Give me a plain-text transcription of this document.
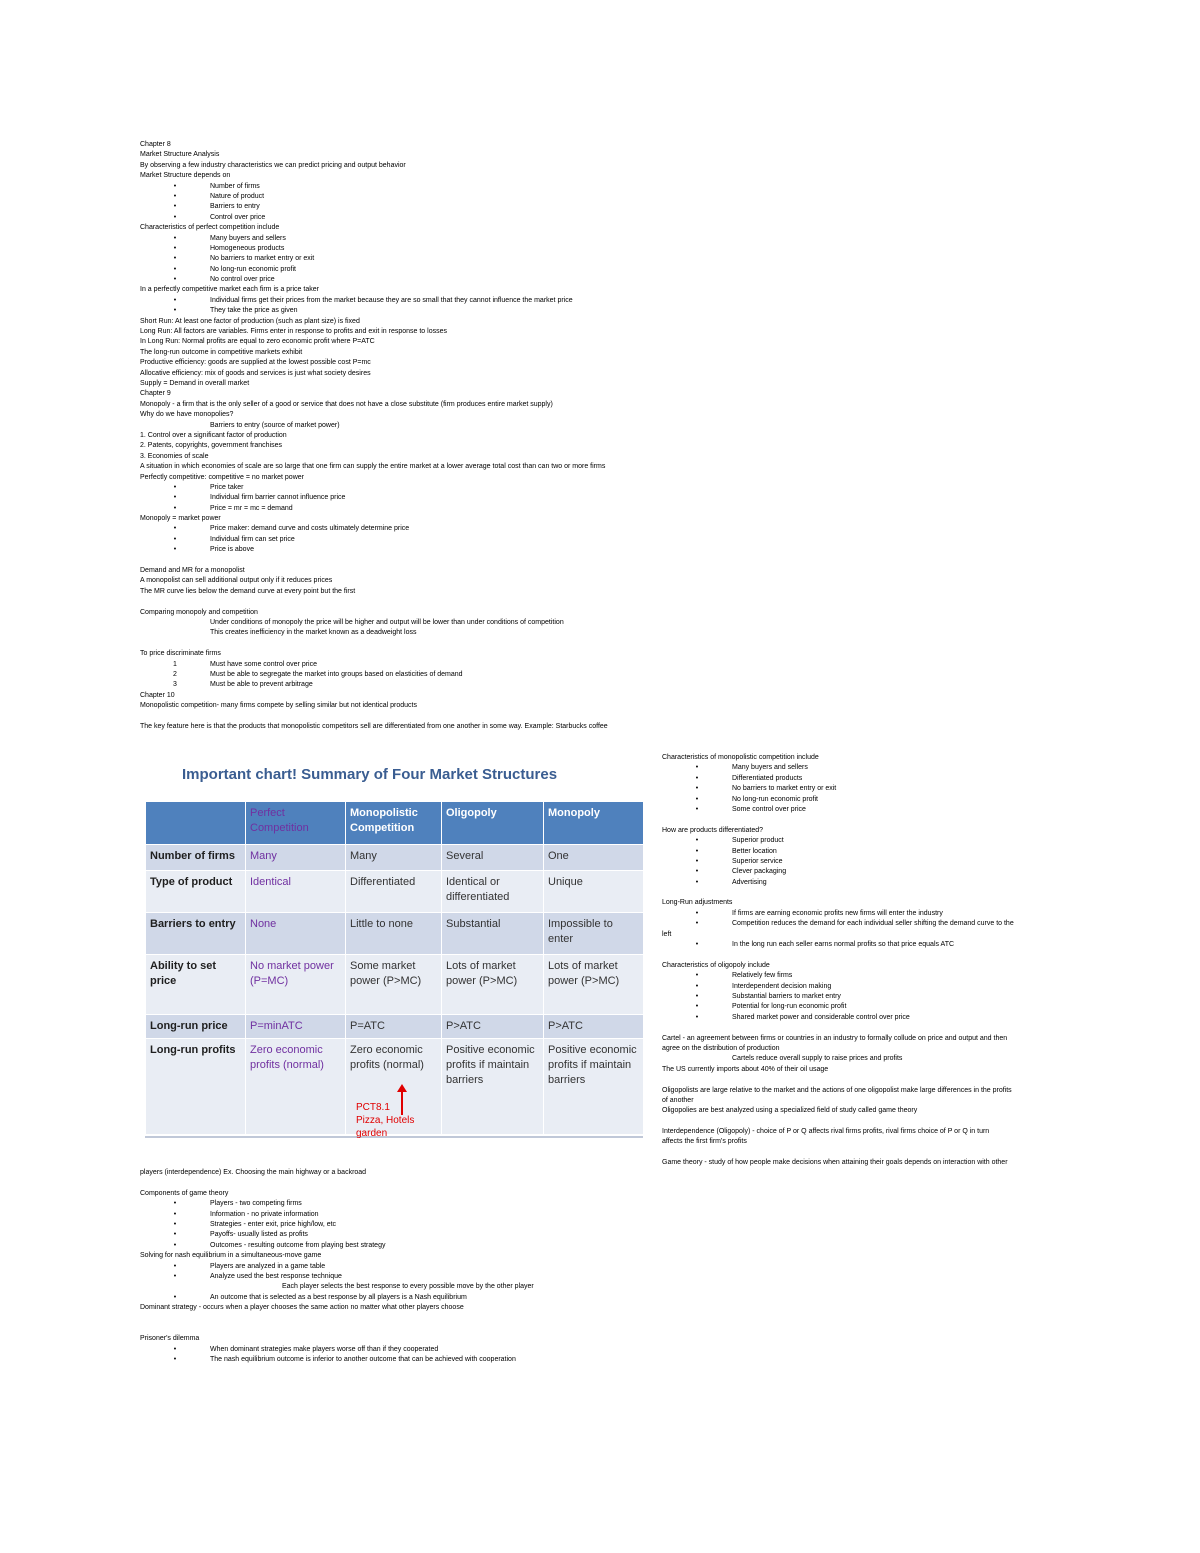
Chapter 8
Market Structure Analysis
By observing a few industry characteristics we can predict pricing and output behavior
Market Structure depends on
•	Number of firms
•	Nature of product
•	Barriers to entry
•	Control over price
Characteristics of perfect competition include
•	Many buyers and sellers
•	Homogeneous products
•	No barriers to market entry or exit
•	No long-run economic profit
•	No control over price
In a perfectly competitive market each firm is a price taker
•	Individual firms get their prices from the market because they are so small that they cannot influence the market price
•	They take the price as given
Short Run: At least one factor of production (such as plant size) is fixed
Long Run: All factors are variables. Firms enter in response to profits and exit in response to losses
In Long Run: Normal profits are equal to zero economic profit where P=ATC
The long-run outcome in competitive markets exhibit
Productive efficiency: goods are supplied at the lowest possible cost P=mc
Allocative efficiency: mix of goods and services is just what society desires
Supply = Demand in overall market
Chapter 9
Monopoly - a firm that is the only seller of a good or service that does not have a close substitute (firm produces entire market supply)
Why do we have monopolies?
Barriers to entry (source of market power)
1. Control over a significant factor of production
2. Patents, copyrights, government franchises
3. Economies of scale
A situation in which economies of scale are so large that one firm can supply the entire market at a lower average total cost than can two or more firms
Perfectly competitive: competitive = no market power
•	Price taker
•	Individual firm barrier cannot influence price
•	Price = mr = mc = demand
Monopoly = market power
•	Price maker: demand curve and costs ultimately determine price
•	Individual firm can set price
•	Price is above
Demand and MR for a monopolist
A monopolist can sell additional output only if it reduces prices
The MR curve lies below the demand curve at every point but the first
Comparing monopoly and competition
Under conditions of monopoly the price will be higher and output will be lower than under conditions of competition
This creates inefficiency in the market known as a deadweight loss
To price discriminate firms
1	Must have some control over price
2	Must be able to segregate the market into groups based on elasticities of demand
3	Must be able to prevent arbitrage
Chapter 10
Monopolistic competition- many firms compete by selling similar but not identical products
The key feature here is that the products that monopolistic competitors sell are differentiated from one another in some way. Example: Starbucks coffee
Important chart! Summary of Four Market Structures
	Perfect Competition	Monopolistic Competition	Oligopoly	Monopoly
Number of firms	Many	Many	Several	One
Type of product	Identical	Differentiated	Identical or differentiated	Unique
Barriers to entry	None	Little to none	Substantial	Impossible to enter
Ability to set price	No market power (P=MC)	Some market power (P>MC)	Lots of market power (P>MC)	Lots of market power (P>MC)
Long-run price	P=minATC	P=ATC	P>ATC	P>ATC
Long-run profits	Zero economic profits (normal)	Zero economic profits (normal)	Positive economic profits if maintain barriers	Positive economic profits if maintain barriers
PCT8.1
Pizza, Hotels
garden
Characteristics of monopolistic competition include
•	Many buyers and sellers
•	Differentiated products
•	No barriers to market entry or exit
•	No long-run economic profit
•	Some control over price
How are products differentiated?
•	Superior product
•	Better location
•	Superior service
•	Clever packaging
•	Advertising
Long-Run adjustments
•	If firms are earning economic profits new firms will enter the industry
•	Competition reduces the demand for each individual seller shifting the demand curve to the
left
•	In the long run each seller earns normal profits so that price equals ATC
Characteristics of oligopoly include
•	Relatively few firms
•	Interdependent decision making
•	Substantial barriers to market entry
•	Potential for long-run economic profit
•	Shared market power and considerable control over price
Cartel - an agreement between firms or countries in an industry to formally collude on price and output and then
agree on the distribution of production
Cartels reduce overall supply to raise prices and profits
The US currently imports about 40% of their oil usage
Oligopolists are large relative to the market and the actions of one oligopolist make large differences in the profits
of another
Oligopolies are best analyzed using a specialized field of study called game theory
Interdependence (Oligopoly) - choice of P or Q affects rival firms profits, rival firms choice of P or Q in turn
affects the first firm's profits
Game theory - study of how people make decisions when attaining their goals depends on interaction with other
players (interdependence) Ex. Choosing the main highway or a backroad
Components of game theory
•	Players - two competing firms
•	Information - no private information
•	Strategies - enter exit, price high/low, etc
•	Payoffs- usually listed as profits
•	Outcomes - resulting outcome from playing best strategy
Solving for nash equilibrium in a simultaneous-move game
•	Players are analyzed in a game table
•	Analyze used the best response technique
Each player selects the best response to every possible move by the other player
•	An outcome that is selected as a best response by all players is a Nash equilibrium
Dominant strategy - occurs when a player chooses the same action no matter what other players choose
Prisoner's dilemma
•	When dominant strategies make players worse off than if they cooperated
•	The nash equilibrium outcome is inferior to another outcome that can be achieved with cooperation
